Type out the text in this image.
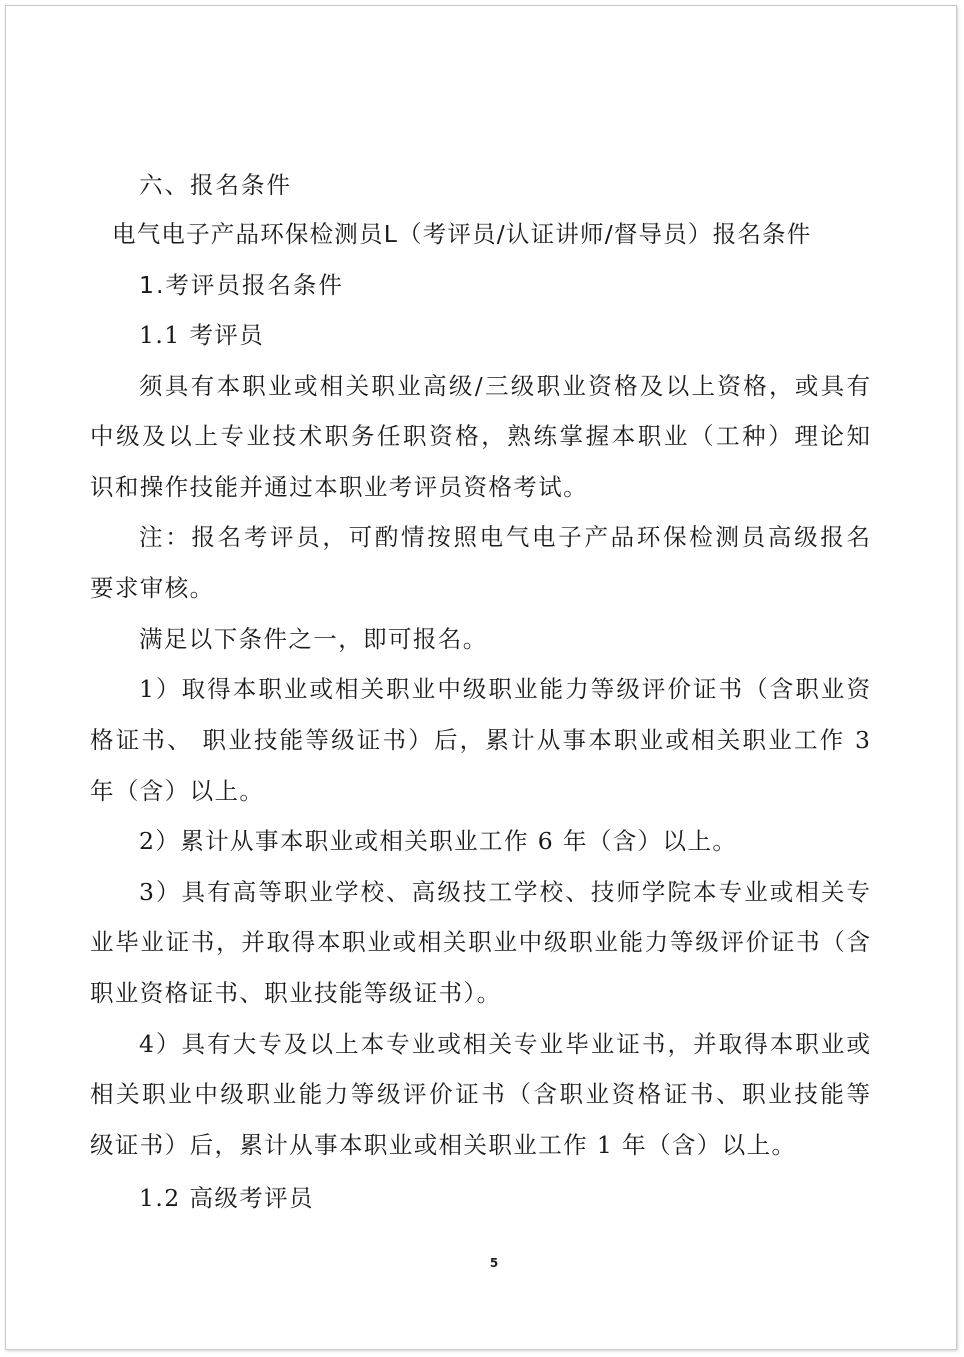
六、报名条件
电气电子产品环保检测员L（考评员/认证讲师/督导员）报名条件
1.考评员报名条件
1.1 考评员
须具有本职业或相关职业高级/三级职业资格及以上资格，或具有
中级及以上专业技术职务任职资格，熟练掌握本职业（工种）理论知
识和操作技能并通过本职业考评员资格考试。
注：报名考评员，可酌情按照电气电子产品环保检测员高级报名
要求审核。
满足以下条件之一，即可报名。
1）取得本职业或相关职业中级职业能力等级评价证书（含职业资
格证书、 职业技能等级证书）后，累计从事本职业或相关职业工作 3
年（含）以上。
2）累计从事本职业或相关职业工作 6 年（含）以上。
3）具有高等职业学校、高级技工学校、技师学院本专业或相关专
业毕业证书，并取得本职业或相关职业中级职业能力等级评价证书（含
职业资格证书、职业技能等级证书）。
4）具有大专及以上本专业或相关专业毕业证书，并取得本职业或
相关职业中级职业能力等级评价证书（含职业资格证书、职业技能等
级证书）后，累计从事本职业或相关职业工作 1 年（含）以上。
1.2 高级考评员
5
